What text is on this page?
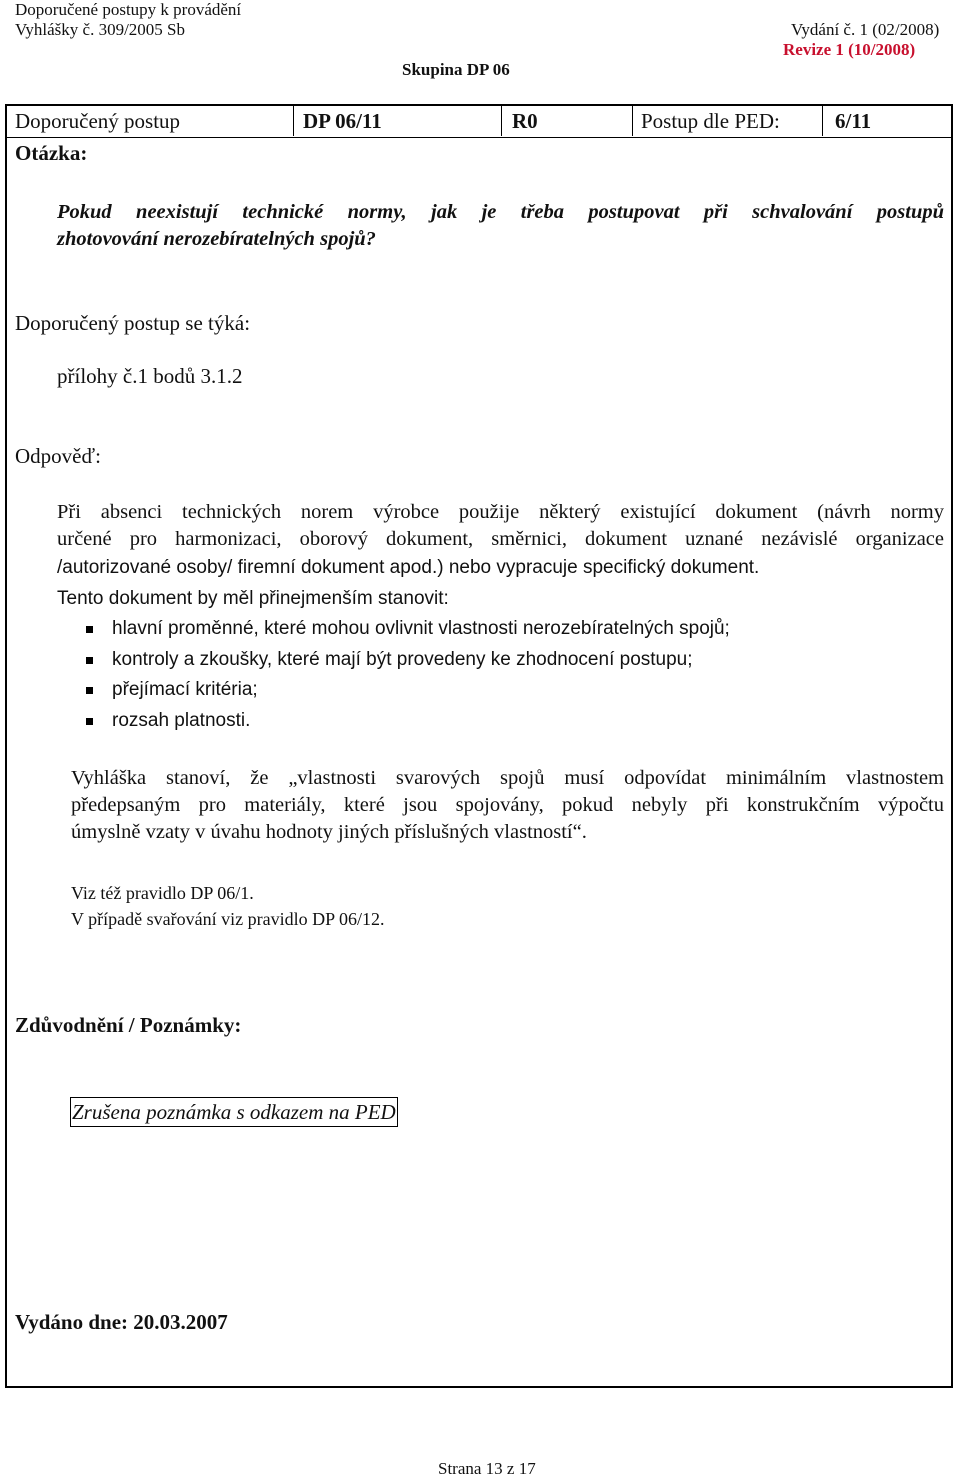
Doporučené postupy k provádění
Vyhlášky č. 309/2005 Sb	Vydání č. 1 (02/2008)
Revize 1 (10/2008)
Skupina DP 06
Doporučený postup	DP 06/11	R0	Postup dle PED:	6/11
Otázka:
Pokud neexistují technické normy, jak je třeba postupovat při schvalování postupů
zhotovování nerozebíratelných spojů?
Doporučený postup se týká:
přílohy č.1 bodů 3.1.2
Odpověď:
Při absenci technických norem výrobce použije některý existující dokument (návrh normy
určené pro harmonizaci, oborový dokument, směrnici, dokument uznané nezávislé organizace
/autorizované osoby/ firemní dokument apod.) nebo vypracuje specifický dokument.
Tento dokument by měl přinejmenším stanovit:
hlavní proměnné, které mohou ovlivnit vlastnosti nerozebíratelných spojů;
kontroly a zkoušky, které mají být provedeny ke zhodnocení postupu;
přejímací kritéria;
rozsah platnosti.
Vyhláška stanoví, že „vlastnosti svarových spojů musí odpovídat minimálním vlastnostem
předepsaným pro materiály, které jsou spojovány, pokud nebyly při konstrukčním výpočtu
úmyslně vzaty v úvahu hodnoty jiných příslušných vlastností“.
Viz též pravidlo DP 06/1.
V případě svařování viz pravidlo DP 06/12.
Zdůvodnění / Poznámky:
Zrušena poznámka s odkazem na PED
Vydáno dne: 20.03.2007
Strana 13 z 17
